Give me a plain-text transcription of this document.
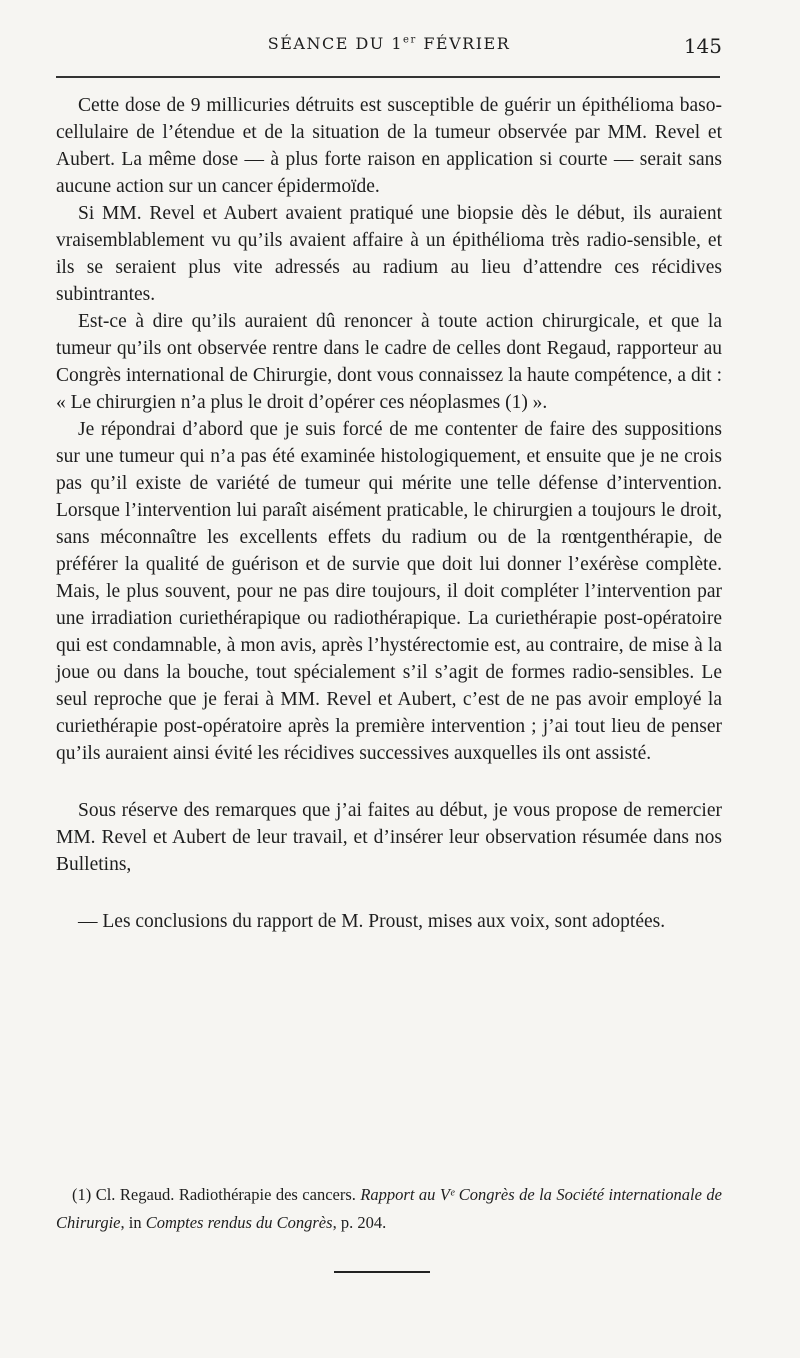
SÉANCE DU 1er FÉVRIER	145

Cette dose de 9 millicuries détruits est susceptible de guérir un épithélioma baso-cellulaire de l’étendue et de la situation de la tumeur observée par MM. Revel et Aubert. La même dose — à plus forte raison en application si courte — serait sans aucune action sur un cancer épidermoïde.

Si MM. Revel et Aubert avaient pratiqué une biopsie dès le début, ils auraient vraisemblablement vu qu’ils avaient affaire à un épithélioma très radio-sensible, et ils se seraient plus vite adressés au radium au lieu d’attendre ces récidives subintrantes.

Est-ce à dire qu’ils auraient dû renoncer à toute action chirurgicale, et que la tumeur qu’ils ont observée rentre dans le cadre de celles dont Regaud, rapporteur au Congrès international de Chirurgie, dont vous connaissez la haute compétence, a dit : « Le chirurgien n’a plus le droit d’opérer ces néoplasmes (1) ».

Je répondrai d’abord que je suis forcé de me contenter de faire des suppositions sur une tumeur qui n’a pas été examinée histologiquement, et ensuite que je ne crois pas qu’il existe de variété de tumeur qui mérite une telle défense d’intervention. Lorsque l’intervention lui paraît aisément praticable, le chirurgien a toujours le droit, sans méconnaître les excellents effets du radium ou de la rœntgenthérapie, de préférer la qualité de guérison et de survie que doit lui donner l’exérèse complète. Mais, le plus souvent, pour ne pas dire toujours, il doit compléter l’intervention par une irradiation curiethérapique ou radiothérapique. La curiethérapie post-opératoire qui est condamnable, à mon avis, après l’hystérectomie est, au contraire, de mise à la joue ou dans la bouche, tout spécialement s’il s’agit de formes radio-sensibles. Le seul reproche que je ferai à MM. Revel et Aubert, c’est de ne pas avoir employé la curiethérapie post-opératoire après la première intervention ; j’ai tout lieu de penser qu’ils auraient ainsi évité les récidives successives auxquelles ils ont assisté.

Sous réserve des remarques que j’ai faites au début, je vous propose de remercier MM. Revel et Aubert de leur travail, et d’insérer leur observation résumée dans nos Bulletins,

— Les conclusions du rapport de M. Proust, mises aux voix, sont adoptées.

(1) Cl. Regaud. Radiothérapie des cancers. Rapport au Vᵉ Congrès de la Société internationale de Chirurgie, in Comptes rendus du Congrès, p. 204.
